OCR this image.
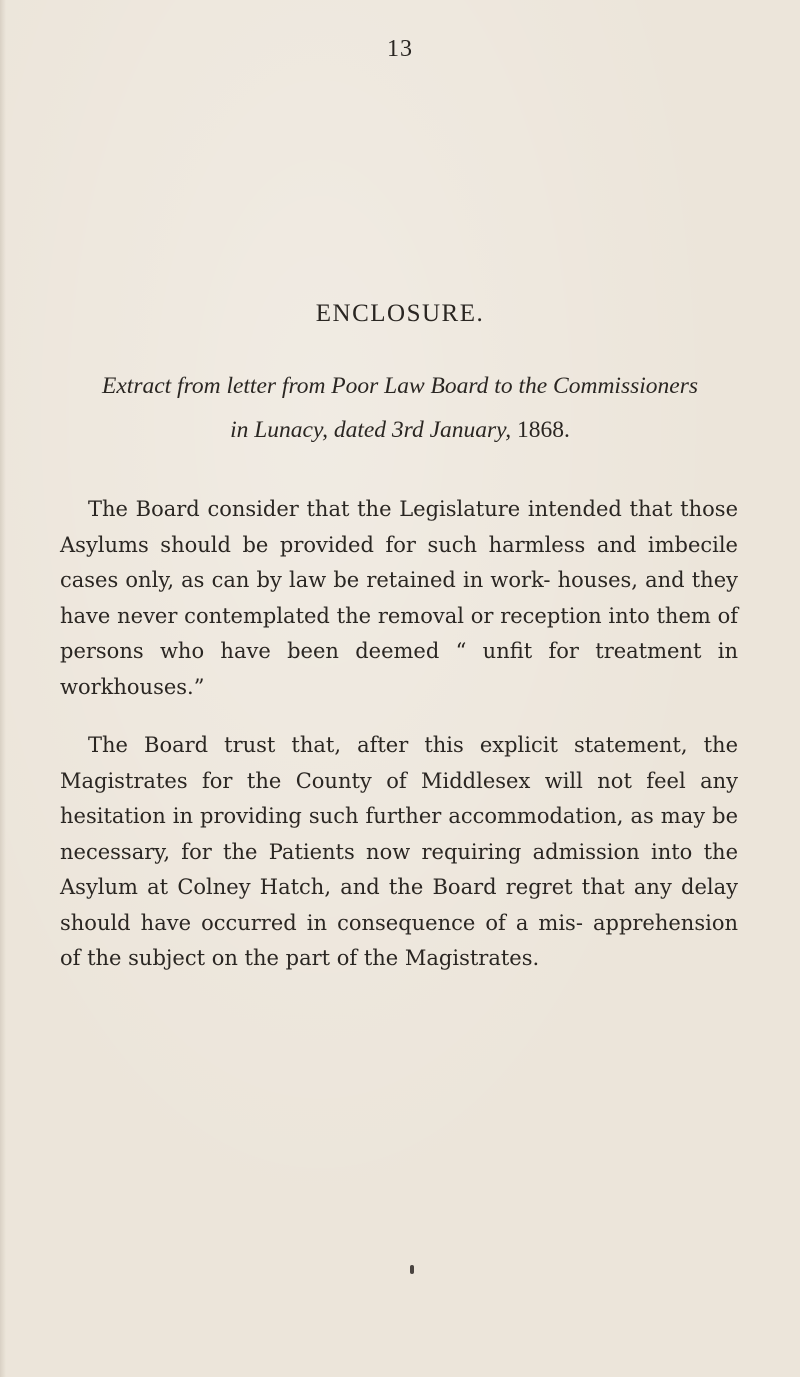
13
ENCLOSURE.
Extract from letter from Poor Law Board to the Commissioners
in Lunacy, dated 3rd January, 1868.

The Board consider that the Legislature intended that those Asylums should be provided for such harmless and imbecile cases only, as can by law be retained in work- houses, and they have never contemplated the removal or reception into them of persons who have been deemed “ unfit for treatment in workhouses.”

The Board trust that, after this explicit statement, the Magistrates for the County of Middlesex will not feel any hesitation in providing such further accommodation, as may be necessary, for the Patients now requiring admission into the Asylum at Colney Hatch, and the Board regret that any delay should have occurred in consequence of a mis- apprehension of the subject on the part of the Magistrates.
